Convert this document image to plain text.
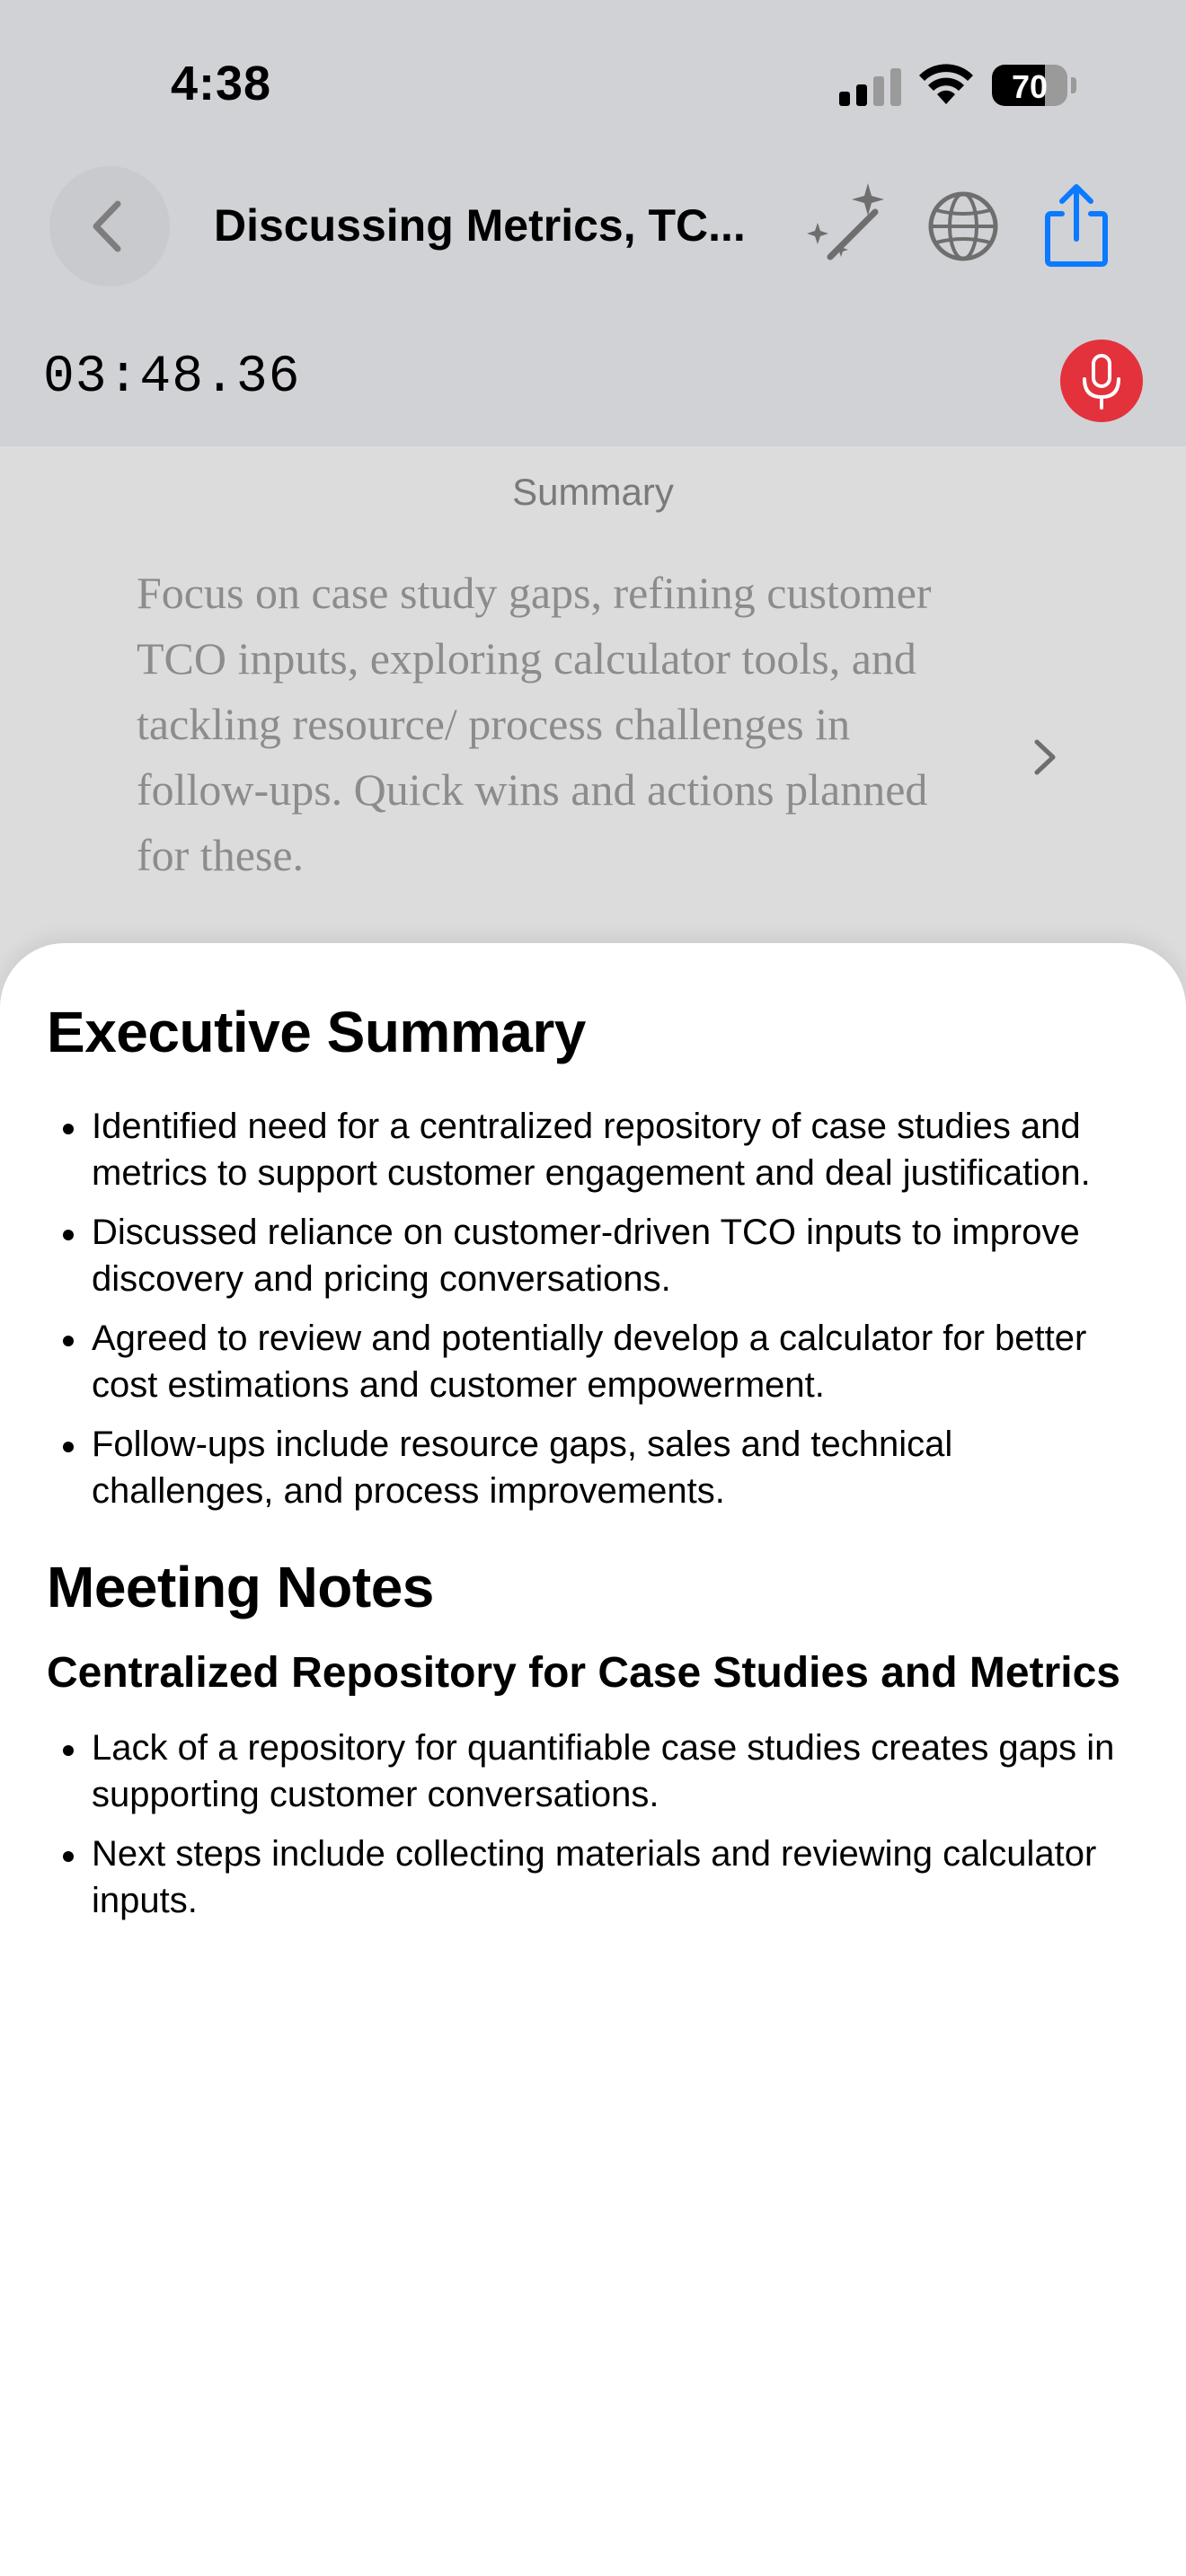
4:38	70
Discussing Metrics, TC...
03:48.36
Summary
Focus on case study gaps, refining customer TCO inputs, exploring calculator tools, and tackling resource/ process challenges in follow-ups. Quick wins and actions planned for these.
Executive Summary
Identified need for a centralized repository of case studies and metrics to support customer engagement and deal justification.
Discussed reliance on customer-driven TCO inputs to improve discovery and pricing conversations.
Agreed to review and potentially develop a calculator for better cost estimations and customer empowerment.
Follow-ups include resource gaps, sales and technical challenges, and process improvements.
Meeting Notes
Centralized Repository for Case Studies and Metrics
Lack of a repository for quantifiable case studies creates gaps in supporting customer conversations.
Next steps include collecting materials and reviewing calculator inputs.
